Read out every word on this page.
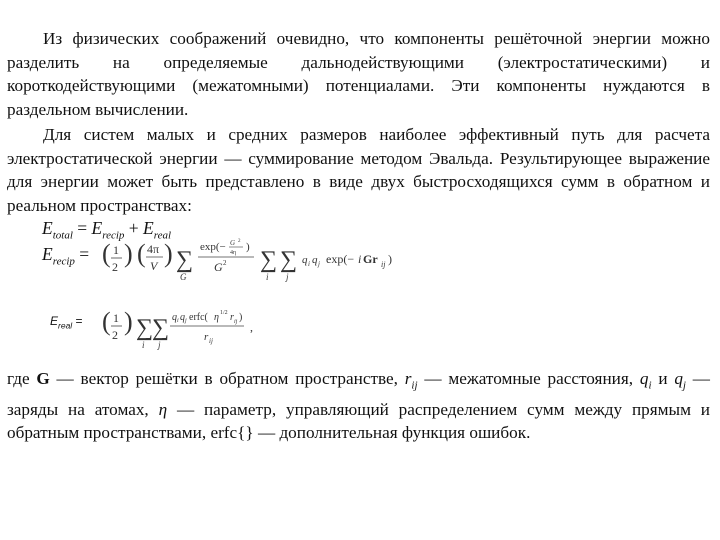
Из физических соображений очевидно, что компоненты решёточной энергии можно разделить на определяемые дальнодействующими (электростатическими) и короткодействующими (межатомными) потенциалами. Эти компоненты нуждаются в раздельном вычислении.

Для систем малых и средних размеров наиболее эффективный путь для расчета электростатической энергии — суммирование методом Эвальда. Результирующее выражение для энергии может быть представлено в виде двух быстросходящихся сумм в обратном и реальном пространствах:

$E_{total} = E_{recip} + E_{real}$
$E_{recip}$ = ( 1
2 ) ( 4π
V ) ∑
G
exp(− G 2
4η )
G 2 ∑
i
∑
j
q i q j exp(− i Gr ij )
$E_{real}$ = ( 1
2 ) ∑
i
∑
j
q i q j erfc( η 1/2 r ij )
r ij
,

где G — вектор решётки в обратном пространстве, $r_{ij}$ — межатомные расстояния, $q_i$ и $q_j$ — заряды на атомах, η — параметр, управляющий распределением сумм между прямым и обратным пространствами, erfc{} — дополнительная функция ошибок.
